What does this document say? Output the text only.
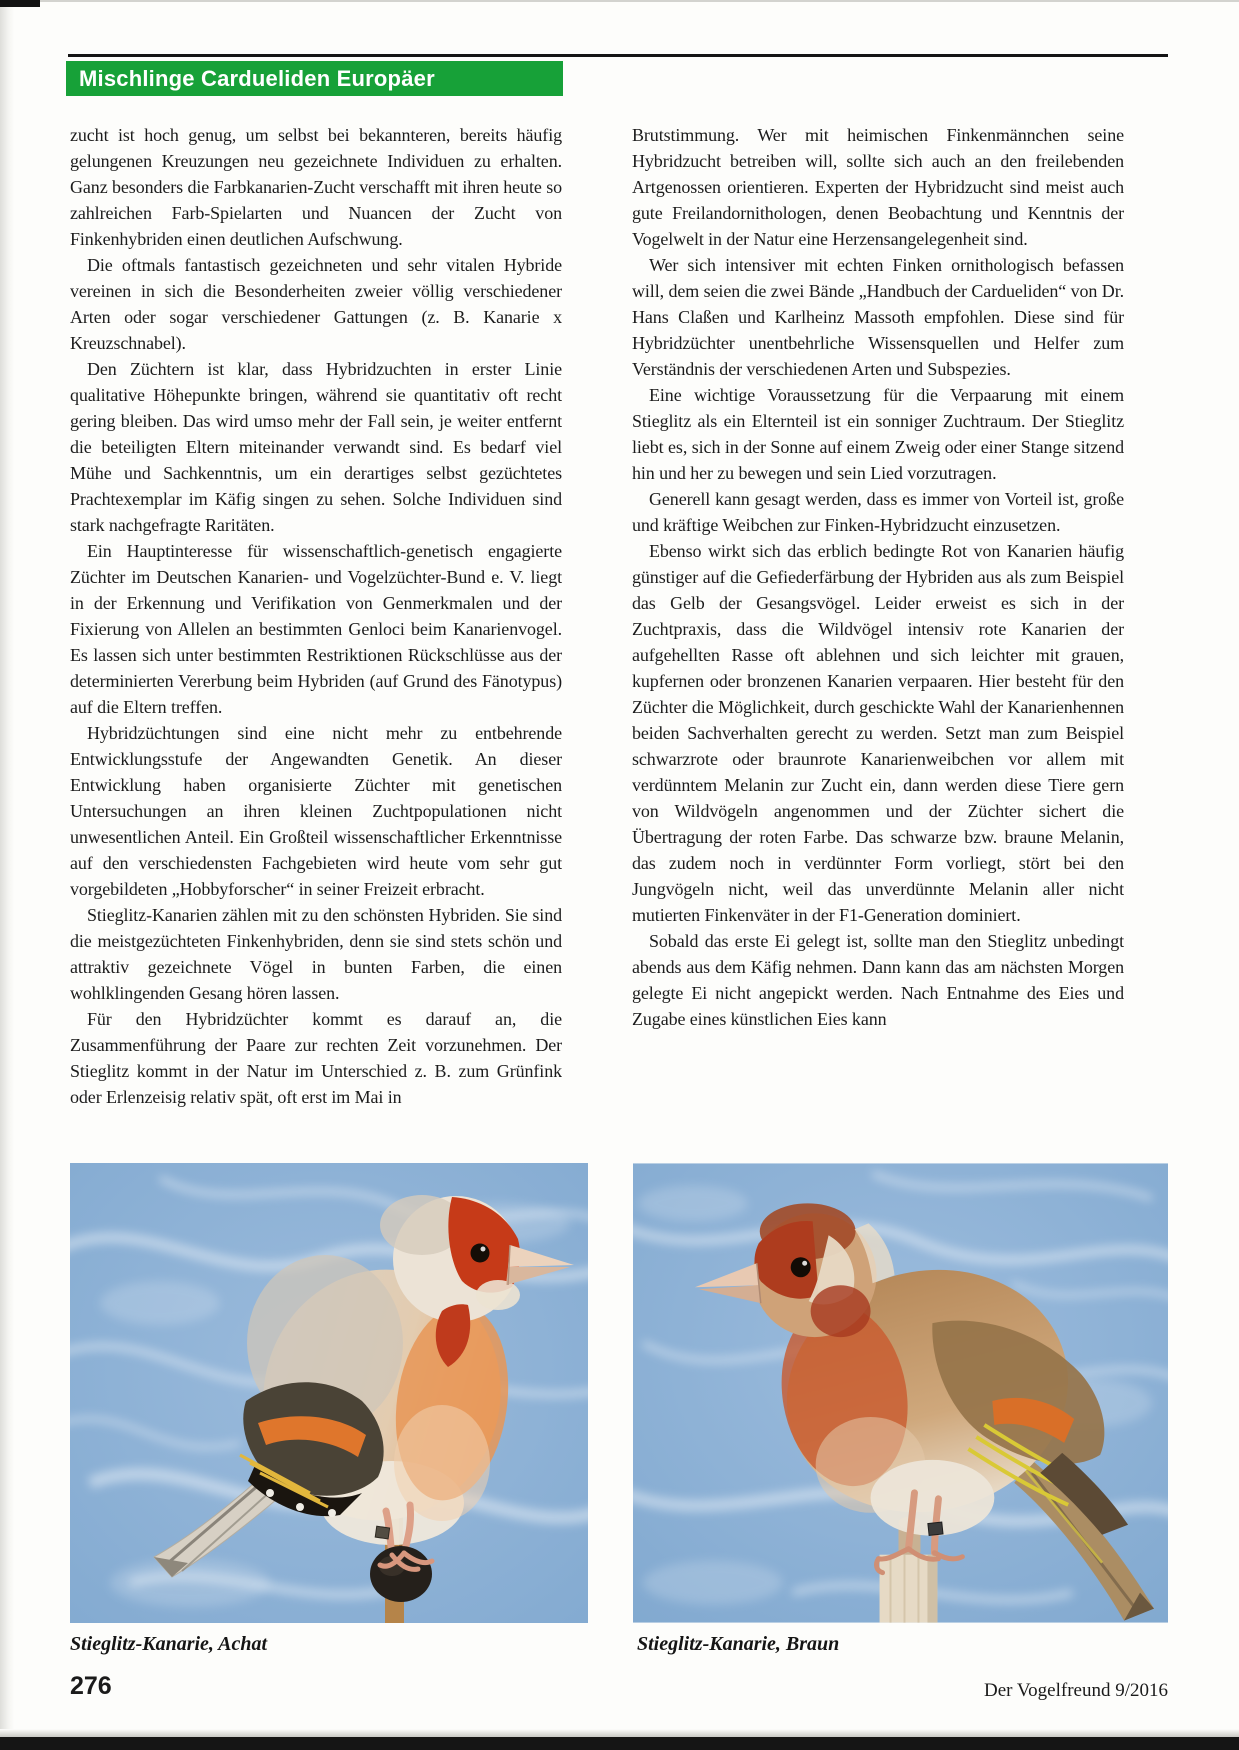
Mischlinge Cardueliden Europäer

zucht ist hoch genug, um selbst bei bekannteren, bereits häufig gelungenen Kreuzungen neu gezeichnete Individuen zu erhalten. Ganz besonders die Farbkanarien-Zucht verschafft mit ihren heute so zahlreichen Farb-Spielarten und Nuancen der Zucht von Finkenhybriden einen deutlichen Aufschwung.

Die oftmals fantastisch gezeichneten und sehr vitalen Hybride vereinen in sich die Besonderheiten zweier völlig verschiedener Arten oder sogar verschiedener Gattungen (z. B. Kanarie x Kreuzschnabel).

Den Züchtern ist klar, dass Hybridzuchten in erster Linie qualitative Höhepunkte bringen, während sie quantitativ oft recht gering bleiben. Das wird umso mehr der Fall sein, je weiter entfernt die beteiligten Eltern miteinander verwandt sind. Es bedarf viel Mühe und Sachkenntnis, um ein derartiges selbst gezüchtetes Prachtexemplar im Käfig singen zu sehen. Solche Individuen sind stark nachgefragte Raritäten.

Ein Hauptinteresse für wissenschaftlich-genetisch engagierte Züchter im Deutschen Kanarien- und Vogelzüchter-Bund e. V. liegt in der Erkennung und Verifikation von Genmerkmalen und der Fixierung von Allelen an bestimmten Genloci beim Kanarienvogel. Es lassen sich unter bestimmten Restriktionen Rückschlüsse aus der determinierten Vererbung beim Hybriden (auf Grund des Fänotypus) auf die Eltern treffen.

Hybridzüchtungen sind eine nicht mehr zu entbehrende Entwicklungsstufe der Angewandten Genetik. An dieser Entwicklung haben organisierte Züchter mit genetischen Untersuchungen an ihren kleinen Zuchtpopulationen nicht unwesentlichen Anteil. Ein Großteil wissenschaftlicher Erkenntnisse auf den verschiedensten Fachgebieten wird heute vom sehr gut vorgebildeten „Hobbyforscher“ in seiner Freizeit erbracht.

Stieglitz-Kanarien zählen mit zu den schönsten Hybriden. Sie sind die meistgezüchteten Finkenhybriden, denn sie sind stets schön und attraktiv gezeichnete Vögel in bunten Farben, die einen wohlklingenden Gesang hören lassen.

Für den Hybridzüchter kommt es darauf an, die Zusammenführung der Paare zur rechten Zeit vorzunehmen. Der Stieglitz kommt in der Natur im Unterschied z. B. zum Grünfink oder Erlenzeisig relativ spät, oft erst im Mai in

Brutstimmung. Wer mit heimischen Finkenmännchen seine Hybridzucht betreiben will, sollte sich auch an den freilebenden Artgenossen orientieren. Experten der Hybridzucht sind meist auch gute Freilandornithologen, denen Beobachtung und Kenntnis der Vogelwelt in der Natur eine Herzensangelegenheit sind.

Wer sich intensiver mit echten Finken ornithologisch befassen will, dem seien die zwei Bände „Handbuch der Cardueliden“ von Dr. Hans Claßen und Karlheinz Massoth empfohlen. Diese sind für Hybridzüchter unentbehrliche Wissensquellen und Helfer zum Verständnis der verschiedenen Arten und Subspezies.

Eine wichtige Voraussetzung für die Verpaarung mit einem Stieglitz als ein Elternteil ist ein sonniger Zuchtraum. Der Stieglitz liebt es, sich in der Sonne auf einem Zweig oder einer Stange sitzend hin und her zu bewegen und sein Lied vorzutragen.

Generell kann gesagt werden, dass es immer von Vorteil ist, große und kräftige Weibchen zur Finken-Hybridzucht einzusetzen.

Ebenso wirkt sich das erblich bedingte Rot von Kanarien häufig günstiger auf die Gefiederfärbung der Hybriden aus als zum Beispiel das Gelb der Gesangsvögel. Leider erweist es sich in der Zuchtpraxis, dass die Wildvögel intensiv rote Kanarien der aufgehellten Rasse oft ablehnen und sich leichter mit grauen, kupfernen oder bronzenen Kanarien verpaaren. Hier besteht für den Züchter die Möglichkeit, durch geschickte Wahl der Kanarienhennen beiden Sachverhalten gerecht zu werden. Setzt man zum Beispiel schwarzrote oder braunrote Kanarienweibchen vor allem mit verdünntem Melanin zur Zucht ein, dann werden diese Tiere gern von Wildvögeln angenommen und der Züchter sichert die Übertragung der roten Farbe. Das schwarze bzw. braune Melanin, das zudem noch in verdünnter Form vorliegt, stört bei den Jungvögeln nicht, weil das unverdünnte Melanin aller nicht mutierten Finkenväter in der F1-Generation dominiert.

Sobald das erste Ei gelegt ist, sollte man den Stieglitz unbedingt abends aus dem Käfig nehmen. Dann kann das am nächsten Morgen gelegte Ei nicht angepickt werden. Nach Entnahme des Eies und Zugabe eines künstlichen Eies kann

Stieglitz-Kanarie, Achat	Stieglitz-Kanarie, Braun
276	Der Vogelfreund 9/2016
